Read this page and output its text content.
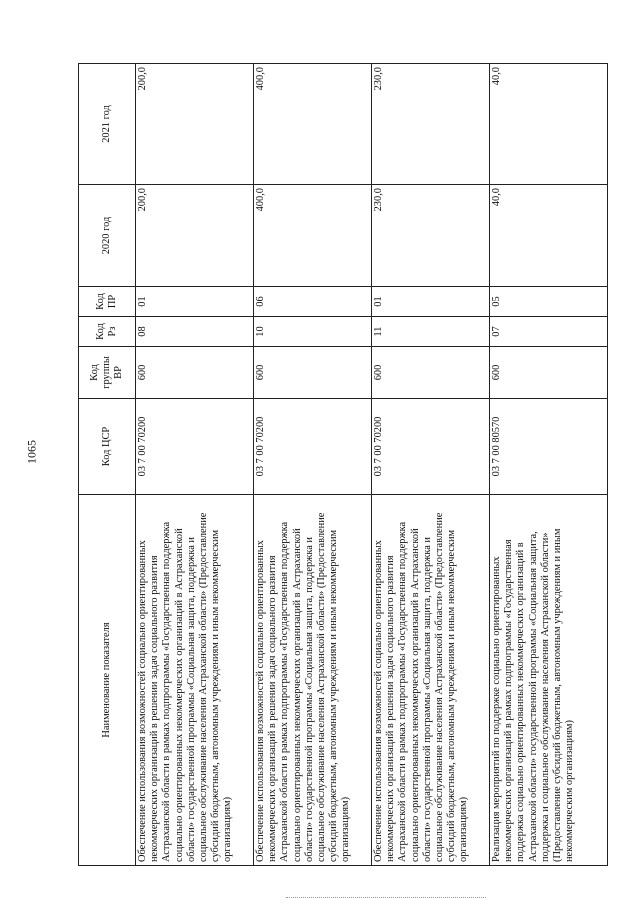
1065
Наименование показателя	Код ЦСР	Код группы ВР	Код Рз	Код ПР	2020 год	2021 год
Обеспечение использования возможностей социально ориентированных некоммерческих организаций в решении задач социального развития Астраханской области в рамках подпрограммы «Государственная поддержка социально ориентированных некоммерческих организаций в Астраханской области» государственной программы «Социальная защита, поддержка и социальное обслуживание населения Астраханской области» (Предоставление субсидий бюджетным, автономным учреждениям и иным некоммерческим организациям)	03 7 00 70200	600	08	01	200,0	200,0
Обеспечение использования возможностей социально ориентированных некоммерческих организаций в решении задач социального развития Астраханской области в рамках подпрограммы «Государственная поддержка социально ориентированных некоммерческих организаций в Астраханской области» государственной программы «Социальная защита, поддержка и социальное обслуживание населения Астраханской области» (Предоставление субсидий бюджетным, автономным учреждениям и иным некоммерческим организациям)	03 7 00 70200	600	10	06	400,0	400,0
Обеспечение использования возможностей социально ориентированных некоммерческих организаций в решении задач социального развития Астраханской области в рамках подпрограммы «Государственная поддержка социально ориентированных некоммерческих организаций в Астраханской области» государственной программы «Социальная защита, поддержка и социальное обслуживание населения Астраханской области» (Предоставление субсидий бюджетным, автономным учреждениям и иным некоммерческим организациям)	03 7 00 70200	600	11	01	230,0	230,0
Реализация мероприятий по поддержке социально ориентированных некоммерческих организаций в рамках подпрограммы «Государственная поддержка социально ориентированных некоммерческих организаций в Астраханской области» государственной программы «Социальная защита, поддержка и социальное обслуживание населения Астраханской области» (Предоставление субсидий бюджетным, автономным учреждениям и иным некоммерческим организациям)	03 7 00 80570	600	07	05	40,0	40,0
